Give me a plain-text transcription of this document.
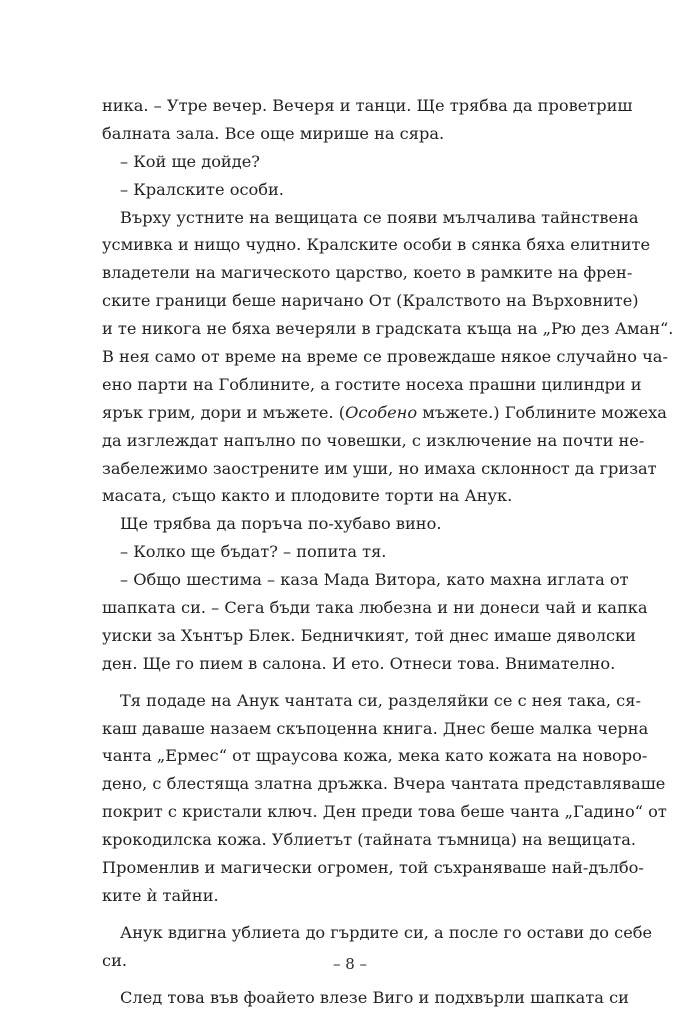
ника. – Утре вечер. Вечеря и танци. Ще трябва да проветриш
балната зала. Все още мирише на сяра.
– Кой ще дойде?
– Кралските особи.
Върху устните на вещицата се появи мълчалива тайнствена
усмивка и нищо чудно. Кралските особи в сянка бяха елитните
владетели на магическото царство, което в рамките на френ-
ските граници беше наричано От (Кралството на Върховните)
и те никога не бяха вечеряли в градската къща на „Рю дез Аман“.
В нея само от време на време се провеждаше някое случайно ча-
ено парти на Гоблините, а гостите носеха прашни цилиндри и
ярък грим, дори и мъжете. (Особено мъжете.) Гоблините можеха
да изглеждат напълно по човешки, с изключение на почти не-
забележимо заострените им уши, но имаха склонност да гризат
масата, също както и плодовите торти на Анук.
Ще трябва да поръча по-хубаво вино.
– Колко ще бъдат? – попита тя.
– Общо шестима – каза Мада Витора, като махна иглата от
шапката си. – Сега бъди така любезна и ни донеси чай и капка
уиски за Хънтър Блек. Бедничкият, той днес имаше дяволски
ден. Ще го пием в салона. И ето. Отнеси това. Внимателно.
Тя подаде на Анук чантата си, разделяйки се с нея така, ся-
каш даваше назаем скъпоценна книга. Днес беше малка черна
чанта „Ермес“ от щраусова кожа, мека като кожата на новоро-
дено, с блестяща златна дръжка. Вчера чантата представляваше
покрит с кристали ключ. Ден преди това беше чанта „Гадино“ от
крокодилска кожа. Ублиетът (тайната тъмница) на вещицата.
Променлив и магически огромен, той съхраняваше най-дълбо-
ките ѝ тайни.
Анук вдигна ублиета до гърдите си, а после го остави до себе
си.
След това във фоайето влезе Виго и подхвърли шапката си
– 8 –
